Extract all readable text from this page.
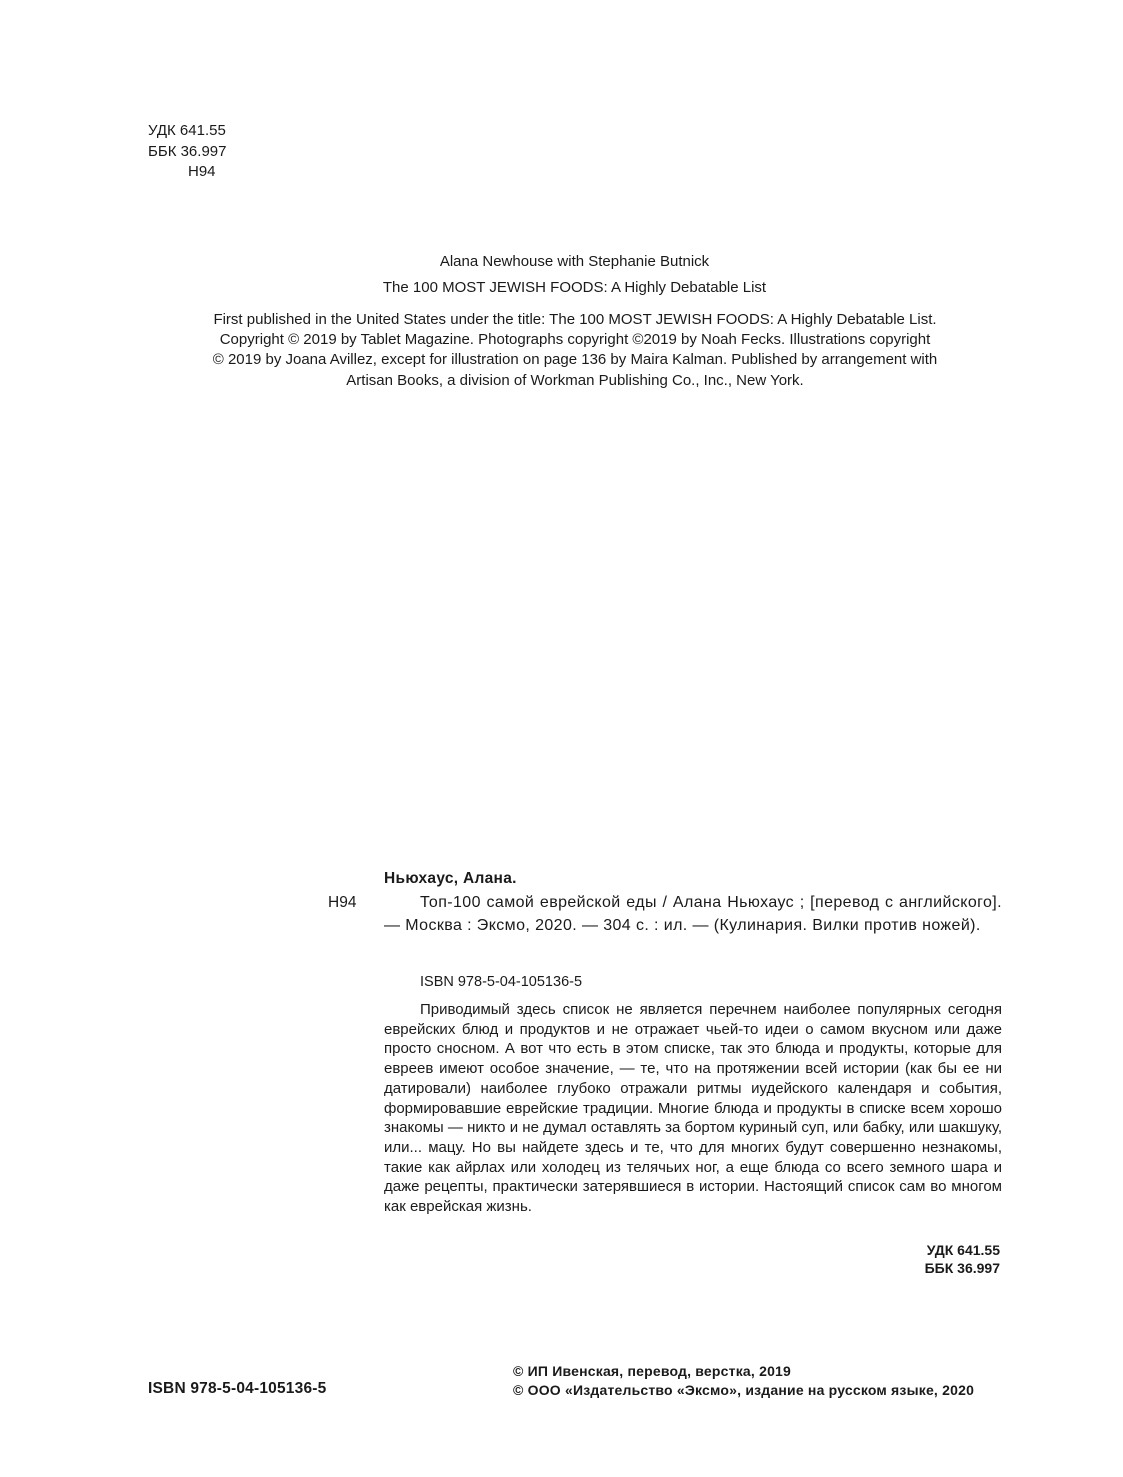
УДК 641.55
ББК 36.997
Н94
Alana Newhouse with Stephanie Butnick
The 100 MOST JEWISH FOODS: A Highly Debatable List
First published in the United States under the title: The 100 MOST JEWISH FOODS: A Highly Debatable List.
Copyright © 2019 by Tablet Magazine. Photographs copyright ©2019 by Noah Fecks. Illustrations copyright
© 2019 by Joana Avillez, except for illustration on page 136 by Maira Kalman. Published by arrangement with
Artisan Books, a division of Workman Publishing Co., Inc., New York.
Ньюхаус, Алана.
Н94	Топ-100 самой еврейской еды / Алана Ньюхаус ; [перевод с английского]. — Москва : Эксмо, 2020. — 304 с. : ил. — (Кулинария. Вилки против ножей).
ISBN 978-5-04-105136-5
Приводимый здесь список не является перечнем наиболее популярных сегодня еврейских блюд и продуктов и не отражает чьей-то идеи о самом вкусном или даже просто сносном. А вот что есть в этом списке, так это блюда и продукты, которые для евреев имеют особое значение, — те, что на протяжении всей истории (как бы ее ни датировали) наиболее глубоко отражали ритмы иудейского календаря и события, формировавшие еврейские традиции. Многие блюда и продукты в списке всем хорошо знакомы — никто и не думал оставлять за бортом куриный суп, или бабку, или шакшуку, или... мацу. Но вы найдете здесь и те, что для многих будут совершенно незнакомы, такие как айрлах или холодец из телячьих ног, а еще блюда со всего земного шара и даже рецепты, практически затерявшиеся в истории. Настоящий список сам во многом как еврейская жизнь.
УДК 641.55
ББК 36.997
ISBN 978-5-04-105136-5
© ИП Ивенская, перевод, верстка, 2019
© ООО «Издательство «Эксмо», издание на русском языке, 2020
